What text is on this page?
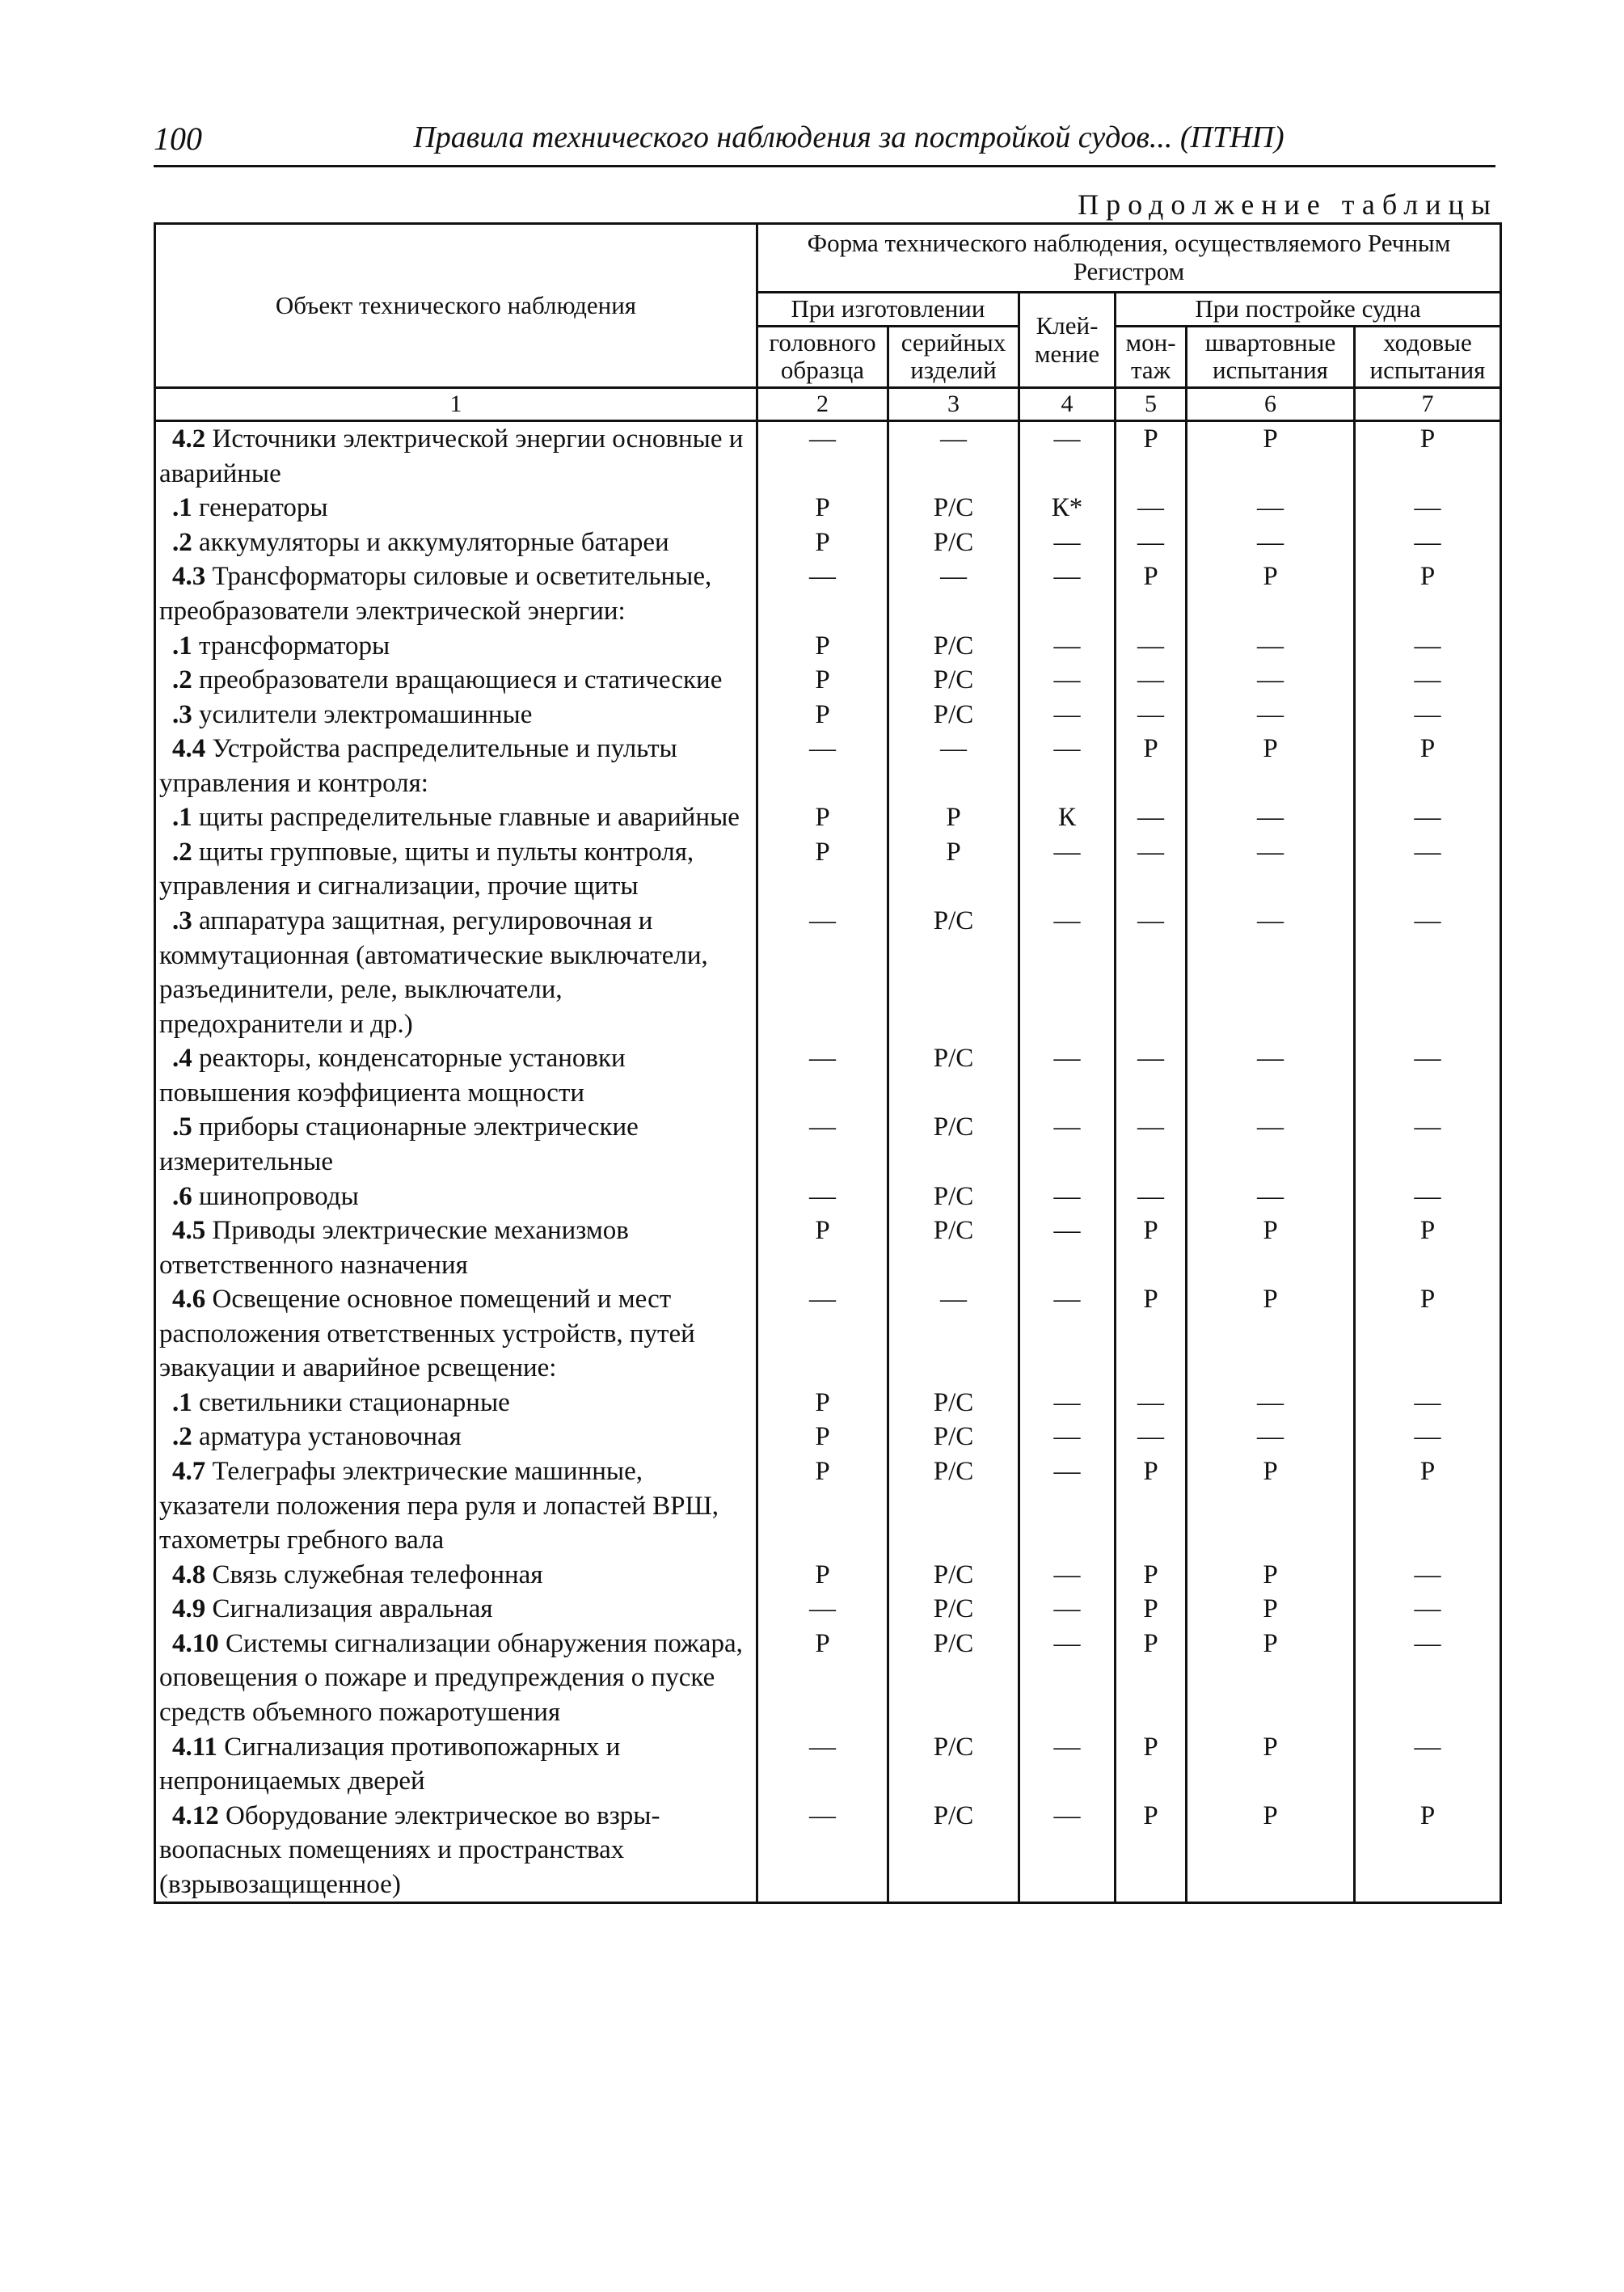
100	Правила технического наблюдения за постройкой судов... (ПТНП)
Продолжение таблицы
Объект технического наблюдения	Форма технического наблюдения, осуществляемого Речным Регистром					
	При изготовлении		Клей-мение	При постройке судна		
	головного образца	серийных изделий		мон-таж	швартовные испытания	ходовые испытания
1	2	3	4	5	6	7
4.2 Источники электрической энергии основные и аварийные	—	—	—	Р	Р	Р
.1 генераторы	Р	Р/С	К*	—	—	—
.2 аккумуляторы и аккумуляторные батареи	Р	Р/С	—	—	—	—
4.3 Трансформаторы силовые и осветительные, преобразователи электрической энергии:	—	—	—	Р	Р	Р
.1 трансформаторы	Р	Р/С	—	—	—	—
.2 преобразователи вращающиеся и статические	Р	Р/С	—	—	—	—
.3 усилители электромашинные	Р	Р/С	—	—	—	—
4.4 Устройства распределительные и пульты управления и контроля:	—	—	—	Р	Р	Р
.1 щиты распределительные главные и аварийные	Р	Р	К	—	—	—
.2 щиты групповые, щиты и пульты контроля, управления и сигнализации, прочие щиты	Р	Р	—	—	—	—
.3 аппаратура защитная, регулировочная и коммутационная (автоматические выключатели, разъединители, реле, выключатели, предохранители и др.)	—	Р/С	—	—	—	—
.4 реакторы, конденсаторные установки повышения коэффициента мощности	—	Р/С	—	—	—	—
.5 приборы стационарные электрические измерительные	—	Р/С	—	—	—	—
.6 шинопроводы	—	Р/С	—	—	—	—
4.5 Приводы электрические механизмов ответственного назначения	Р	Р/С	—	Р	Р	Р
4.6 Освещение основное помещений и мест расположения ответственных устройств, путей эвакуации и аварийное рсвещение:	—	—	—	Р	Р	Р
.1 светильники стационарные	Р	Р/С	—	—	—	—
.2 арматура установочная	Р	Р/С	—	—	—	—
4.7 Телеграфы электрические машинные, указатели положения пера руля и лопастей ВРШ, тахометры гребного вала	Р	Р/С	—	Р	Р	Р
4.8 Связь служебная телефонная	Р	Р/С	—	Р	Р	—
4.9 Сигнализация авральная	—	Р/С	—	Р	Р	—
4.10 Системы сигнализации обнаружения пожара, оповещения о пожаре и предупреждения о пуске средств объемного пожаротушения	Р	Р/С	—	Р	Р	—
4.11 Сигнализация противопожарных и непроницаемых дверей	—	Р/С	—	Р	Р	—
4.12 Оборудование электрическое во взрывоопасных помещениях и пространствах (взрывозащищенное)	—	Р/С	—	Р	Р	Р
